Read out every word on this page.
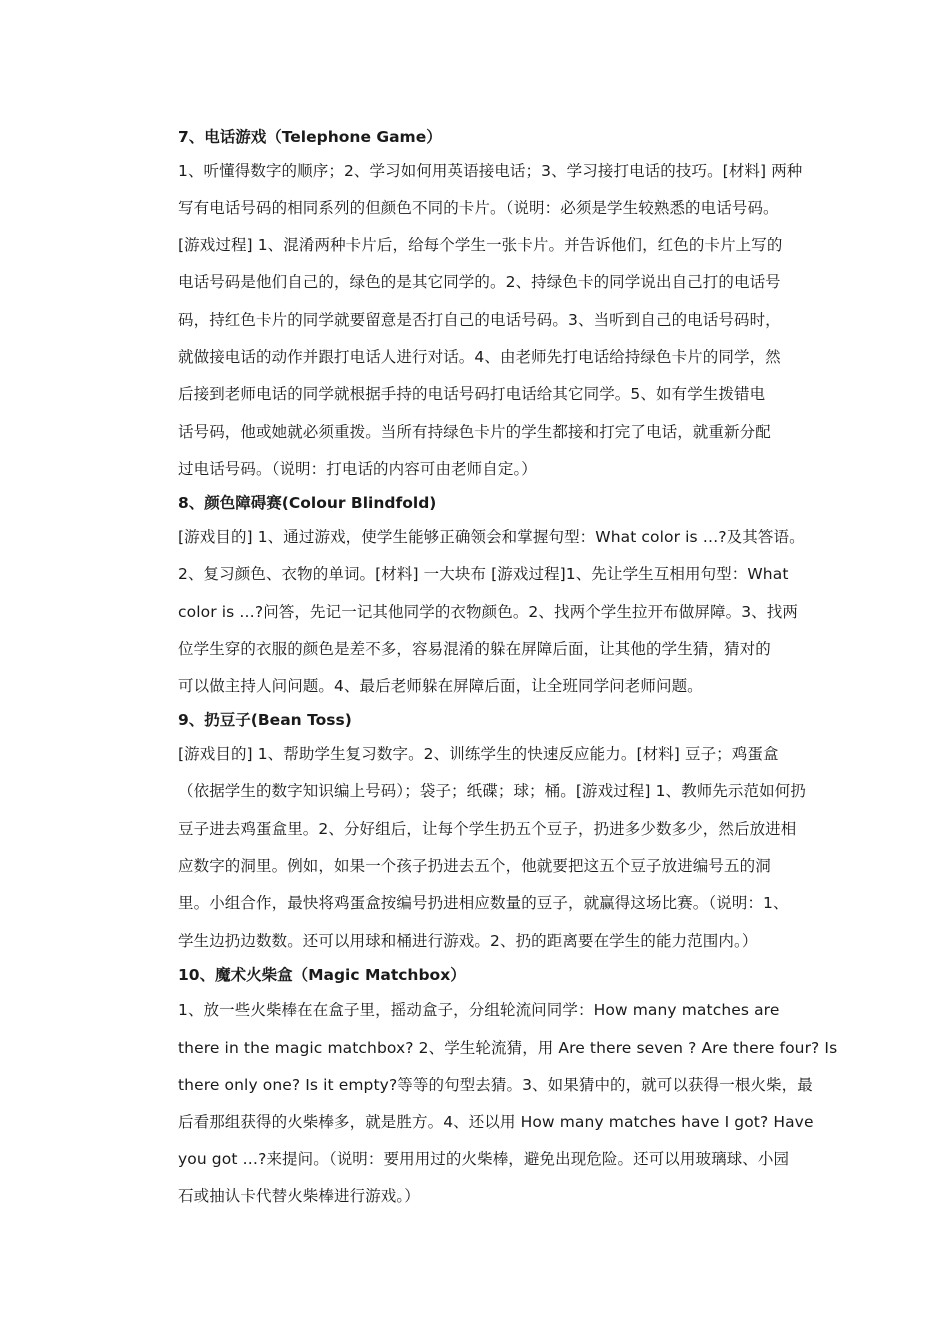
7、电话游戏（Telephone Game）
1、听懂得数字的顺序；2、学习如何用英语接电话；3、学习接打电话的技巧。[材料] 两种
写有电话号码的相同系列的但颜色不同的卡片。（说明：必须是学生较熟悉的电话号码。
[游戏过程] 1、混淆两种卡片后，给每个学生一张卡片。并告诉他们，红色的卡片上写的
电话号码是他们自己的，绿色的是其它同学的。2、持绿色卡的同学说出自己打的电话号
码，持红色卡片的同学就要留意是否打自己的电话号码。3、当听到自己的电话号码时，
就做接电话的动作并跟打电话人进行对话。4、由老师先打电话给持绿色卡片的同学，然
后接到老师电话的同学就根据手持的电话号码打电话给其它同学。5、如有学生拨错电
话号码，他或她就必须重拨。当所有持绿色卡片的学生都接和打完了电话，就重新分配
过电话号码。（说明：打电话的内容可由老师自定。）
8、颜色障碍赛(Colour Blindfold)
[游戏目的] 1、通过游戏，使学生能够正确领会和掌握句型：What color is …?及其答语。
2、复习颜色、衣物的单词。[材料] 一大块布 [游戏过程]1、先让学生互相用句型：What
color is …?问答，先记一记其他同学的衣物颜色。2、找两个学生拉开布做屏障。3、找两
位学生穿的衣服的颜色是差不多，容易混淆的躲在屏障后面，让其他的学生猜，猜对的
可以做主持人问问题。4、最后老师躲在屏障后面，让全班同学问老师问题。
9、扔豆子(Bean Toss)
[游戏目的] 1、帮助学生复习数字。2、训练学生的快速反应能力。[材料] 豆子；鸡蛋盒
（依据学生的数字知识编上号码）；袋子；纸碟；球；桶。[游戏过程] 1、教师先示范如何扔
豆子进去鸡蛋盒里。2、分好组后，让每个学生扔五个豆子，扔进多少数多少，然后放进相
应数字的洞里。例如，如果一个孩子扔进去五个，他就要把这五个豆子放进编号五的洞
里。小组合作，最快将鸡蛋盒按编号扔进相应数量的豆子，就赢得这场比赛。（说明：1、
学生边扔边数数。还可以用球和桶进行游戏。2、扔的距离要在学生的能力范围内。）
10、魔术火柴盒（Magic Matchbox）
1、放一些火柴棒在在盒子里，摇动盒子，分组轮流问同学：How many matches are
there in the magic matchbox? 2、学生轮流猜，用 Are there seven ? Are there four? Is
there only one? Is it empty?等等的句型去猜。3、如果猜中的，就可以获得一根火柴，最
后看那组获得的火柴棒多，就是胜方。4、还以用 How many matches have I got? Have
you got …?来提问。（说明：要用用过的火柴棒，避免出现危险。还可以用玻璃球、小园
石或抽认卡代替火柴棒进行游戏。）
